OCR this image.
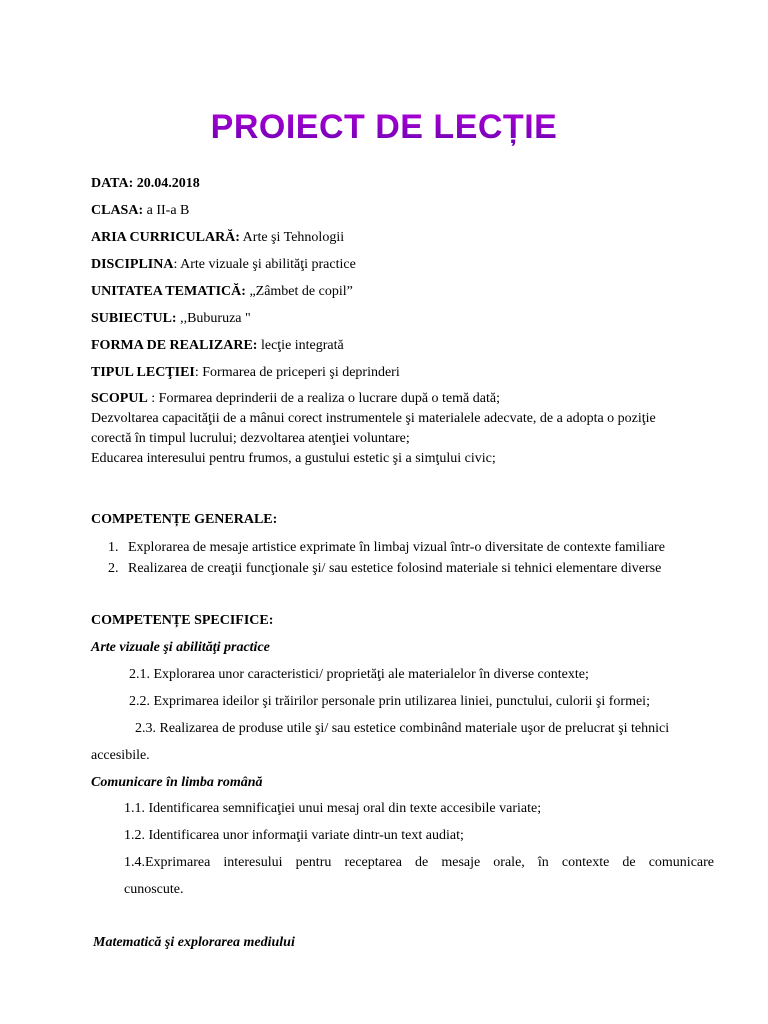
PROIECT DE LECȚIE
DATA: 20.04.2018
CLASA: a II-a B
ARIA CURRICULARĂ: Arte şi Tehnologii
DISCIPLINA: Arte vizuale şi abilităţi practice
UNITATEA TEMATICĂ: „Zâmbet de copil”
SUBIECTUL: ,,Buburuza "
FORMA DE REALIZARE: lecţie integrată
TIPUL LECŢIEI: Formarea de priceperi şi deprinderi
SCOPUL : Formarea deprinderii de a realiza o lucrare după o temă dată;
Dezvoltarea capacităţii de a mânui corect instrumentele şi materialele adecvate, de a adopta o poziţie
corectă în timpul lucrului; dezvoltarea atenţiei voluntare;
Educarea interesului pentru frumos, a gustului estetic şi a simţului civic;
COMPETENȚE GENERALE:
1. Explorarea de mesaje artistice exprimate în limbaj vizual într-o diversitate de contexte familiare
2. Realizarea de creaţii funcţionale şi/ sau estetice folosind materiale si tehnici elementare diverse
COMPETENȚE SPECIFICE:
Arte vizuale şi abilităţi practice
2.1. Explorarea unor caracteristici/ proprietăţi ale materialelor în diverse contexte;
2.2. Exprimarea ideilor şi trăirilor personale prin utilizarea liniei, punctului, culorii şi formei;
2.3. Realizarea de produse utile şi/ sau estetice combinând materiale uşor de prelucrat şi tehnici
accesibile.
Comunicare în limba română
1.1. Identificarea semnificaţiei unui mesaj oral din texte accesibile variate;
1.2. Identificarea unor informaţii variate dintr-un text audiat;
1.4.Exprimarea interesului pentru receptarea de mesaje orale, în contexte de comunicare
cunoscute.
Matematică şi explorarea mediului
